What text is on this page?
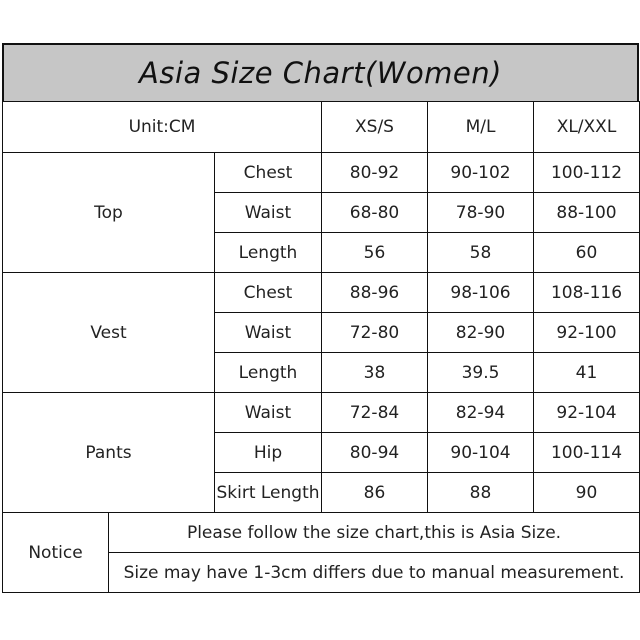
Asia Size Chart(Women)
Unit:CM			XS/S	M/L	XL/XXL
Top		Chest	80-92	90-102	100-112
		Waist	68-80	78-90	88-100
		Length	56	58	60
Vest		Chest	88-96	98-106	108-116
		Waist	72-80	82-90	92-100
		Length	38	39.5	41
Pants		Waist	72-84	82-94	92-104
		Hip	80-94	90-104	100-114
		Skirt Length	86	88	90
Notice	Please follow the size chart,this is Asia Size.				
	Size may have 1-3cm differs due to manual measurement.				
